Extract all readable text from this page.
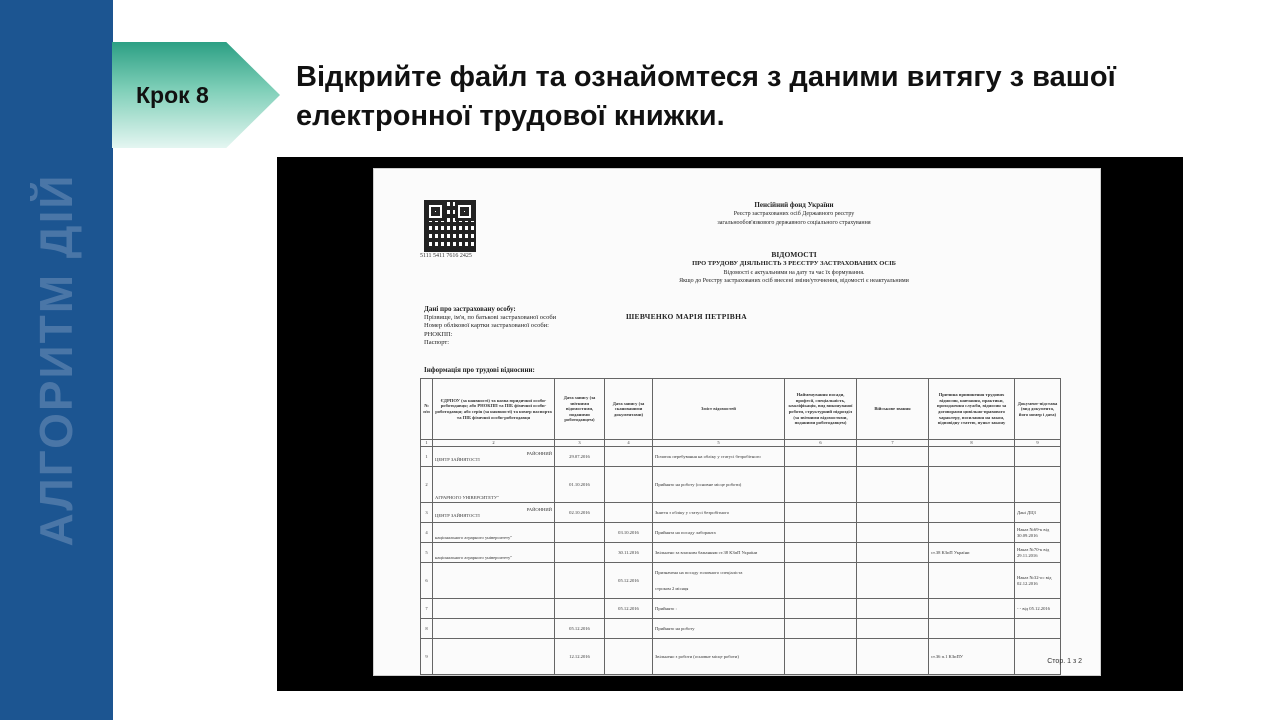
АЛГОРИТМ ДІЙ
Крок 8
Відкрийте файл та ознайомтеся з даними витягу з вашої
електронної трудової книжки.
5111 5411 7616 2425
Пенсійний фонд України
Реєстр застрахованих осіб Державного реєстру
загальнообов'язкового державного соціального страхування
ВІДОМОСТІ
ПРО ТРУДОВУ ДІЯЛЬНІСТЬ З РЕЄСТРУ ЗАСТРАХОВАНИХ ОСІБ
Відомості є актуальними на дату та час їх формування.
Якщо до Реєстру застрахованих осіб внесені зміни/уточнення, відомості є неактуальними
Дані про застраховану особу:
Прізвище, ім'я, по батькові застрахованої особи
Номер облікової картки застрахованої особи:
РНОКПП:
Паспорт:
ШЕВЧЕНКО МАРІЯ ПЕТРІВНА
Інформація про трудові відносини:
№ п/п	ЄДРПОУ (за наявності) та назва юридичної особи-роботодавця; або РНОКПП та ПІБ фізичної особи-роботодавця; або серія (за наявності) та номер паспорта та ПІБ фізичної особи-роботодавця	Дата запису (за звітними відомостями, поданими роботодавцем)	Дата запису (за сканованими документами)	Зміст відомостей	Найменування посади, професії, спеціальність, кваліфікація, вид виконуваної роботи, структурний підрозділ (за звітними відомостями, поданими роботодавцем)	Військове звання	Причина припинення трудових відносин, навчання, практики, проходження служби, відносин за договорами цивільно-правового характеру, посилання на закон, відповідну статтю, пункт закону	Документ-підстава (вид документа, його номер і дата)
1	2	3	4	5	6	7	8	9
1	РАЙОННИЙ
ЦЕНТР ЗАЙНЯТОСТІ	29.07.2016		Початок перебування на обліку у статусі безробітного				
2	АГРАРНОГО УНІВЕРСИТЕТУ"	01.10.2016		Прийнято на роботу (основне місце роботи)				
3	РАЙОННИЙ
ЦЕНТР ЗАЙНЯТОСТІ	02.10.2016		Зняття з обліку у статусі безробітного				Дані ДЦЗ
4	національного аграрного університету"		03.10.2016	Прийнята на посаду лаборанта				Наказ №69-к від 30.09.2016
5	національного аграрного університету"		30.11.2016	Звільнено за власним бажанням ст.38 КЗпП України			ст.38 КЗпП України	Наказ №70-к від 29.11.2016
6			05.12.2016	Призначена на посаду головного спеціаліста
строком 2 місяця				Наказ №32-ос від 02.12.2016
7			05.12.2016	Прийнято :				- - від 05.12.2016
8		05.12.2016		Прийнято на роботу				
9		12.12.2016		Звільнено з роботи (основне місце роботи)			ст.36 п.1 КЗпПУ	
Стор. 1 з 2
